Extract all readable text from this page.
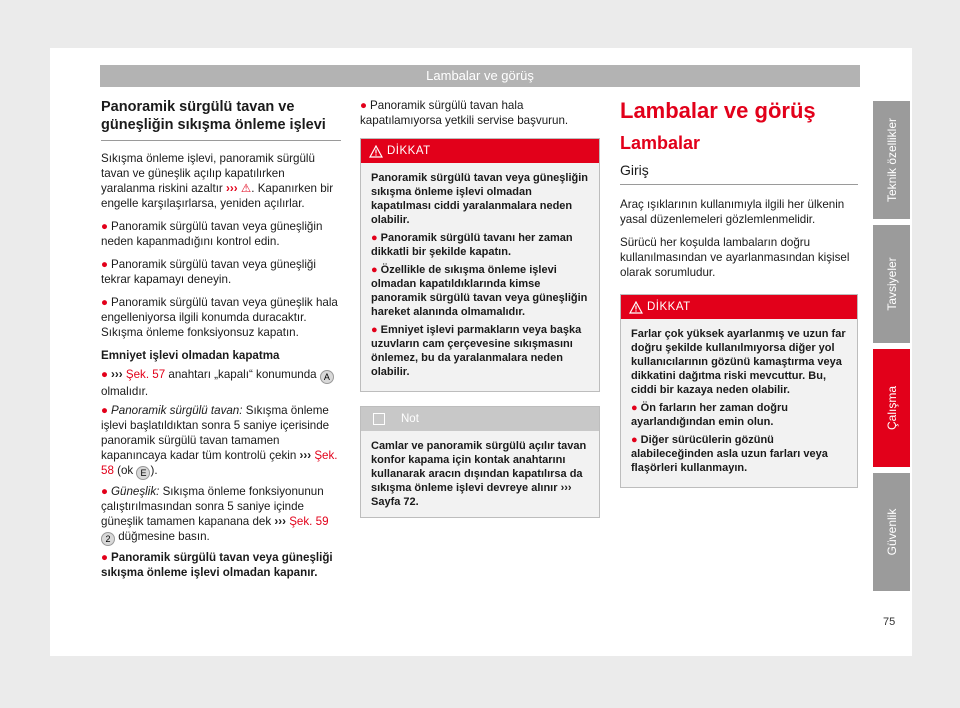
Lambalar ve görüş
Panoramik sürgülü tavan ve güneşliğin sıkışma önleme işlevi

Sıkışma önleme işlevi, panoramik sürgülü tavan ve güneşlik açılıp kapatılırken yaralanma riskini azaltır ››› ⚠. Kapanırken bir engelle karşılaşırlarsa, yeniden açılırlar.

● Panoramik sürgülü tavan veya güneşliğin neden kapanmadığını kontrol edin.

● Panoramik sürgülü tavan veya güneşliği tekrar kapamayı deneyin.

● Panoramik sürgülü tavan veya güneşlik hala engelleniyorsa ilgili konumda duracaktır. Sıkışma önleme fonksiyonsuz kapatın.

Emniyet işlevi olmadan kapatma

● ››› Şek. 57 anahtarı „kapalı“ konumunda A olmalıdır.

● Panoramik sürgülü tavan: Sıkışma önleme işlevi başlatıldıktan sonra 5 saniye içerisinde panoramik sürgülü tavan tamamen kapanıncaya kadar tüm kontrolü çekin ››› Şek. 58 (ok E ).

● Güneşlik: Sıkışma önleme fonksiyonunun çalıştırılmasından sonra 5 saniye içinde güneşlik tamamen kapanana dek ››› Şek. 59 2 düğmesine basın.

● Panoramik sürgülü tavan veya güneşliği sıkışma önleme işlevi olmadan kapanır.

● Panoramik sürgülü tavan hala kapatılamıyorsa yetkili servise başvurun.

DİKKAT

Panoramik sürgülü tavan veya güneşliğin sıkışma önleme işlevi olmadan kapatılması ciddi yaralanmalara neden olabilir.

● Panoramik sürgülü tavanı her zaman dikkatli bir şekilde kapatın.

● Özellikle de sıkışma önleme işlevi olmadan kapatıldıklarında kimse panoramik sürgülü tavan veya güneşliğin hareket alanında olmamalıdır.

● Emniyet işlevi parmakların veya başka uzuvların cam çerçevesine sıkışmasını önlemez, bu da yaralanmalara neden olabilir.

Not
Camlar ve panoramik sürgülü açılır tavan konfor kapama için kontak anahtarını kullanarak aracın dışından kapatılırsa da sıkışma önleme işlevi devreye alınır ››› Sayfa 72.
Lambalar ve görüş
Lambalar
Giriş

Araç ışıklarının kullanımıyla ilgili her ülkenin yasal düzenlemeleri gözlemlenmelidir.

Sürücü her koşulda lambaların doğru kullanılmasından ve ayarlanmasından kişisel olarak sorumludur.

DİKKAT

Farlar çok yüksek ayarlanmış ve uzun far doğru şekilde kullanılmıyorsa diğer yol kullanıcılarının gözünü kamaştırma veya dikkatini dağıtma riski mevcuttur. Bu, ciddi bir kazaya neden olabilir.

● Ön farların her zaman doğru ayarlandığından emin olun.

● Diğer sürücülerin gözünü alabileceğinden asla uzun farları veya flaşörleri kullanmayın.

Teknik özellikler
Tavsiyeler
Çalışma
Güvenlik
75
